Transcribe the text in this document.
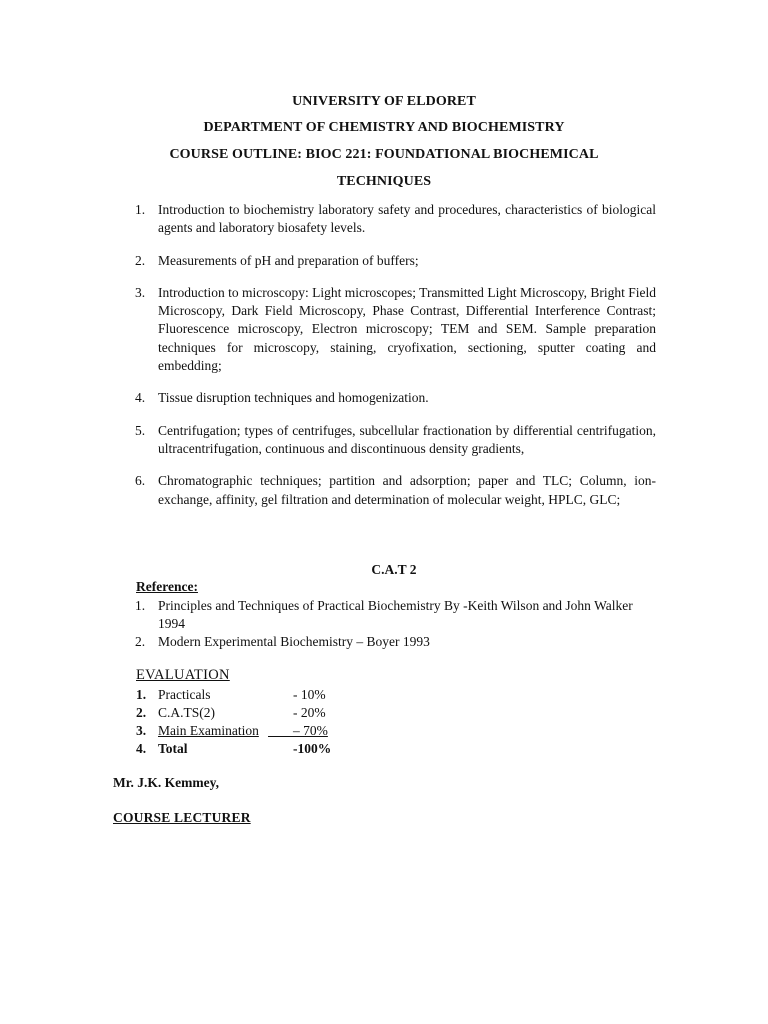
UNIVERSITY OF ELDORET
DEPARTMENT OF CHEMISTRY AND BIOCHEMISTRY
COURSE OUTLINE: BIOC 221: FOUNDATIONAL BIOCHEMICAL
TECHNIQUES
1. Introduction to biochemistry laboratory safety and procedures, characteristics of biological agents and laboratory biosafety levels.
2. Measurements of pH and preparation of buffers;
3. Introduction to microscopy: Light microscopes; Transmitted Light Microscopy, Bright Field Microscopy, Dark Field Microscopy, Phase Contrast, Differential Interference Contrast; Fluorescence microscopy, Electron microscopy; TEM and SEM. Sample preparation techniques for microscopy, staining, cryofixation, sectioning, sputter coating and embedding;
4. Tissue disruption techniques and homogenization.
5. Centrifugation; types of centrifuges, subcellular fractionation by differential centrifugation, ultracentrifugation, continuous and discontinuous density gradients,
6. Chromatographic techniques; partition and adsorption; paper and TLC; Column, ion-exchange, affinity, gel filtration and determination of molecular weight, HPLC, GLC;
C.A.T 2
Reference:
1. Principles and Techniques of Practical Biochemistry By -Keith Wilson and John Walker 1994
2. Modern Experimental Biochemistry – Boyer 1993
EVALUATION
1. Practicals	- 10%
2. C.A.TS(2)	- 20%
3. Main Examination	– 70%
4. Total	-100%
Mr. J.K. Kemmey,
COURSE LECTURER
